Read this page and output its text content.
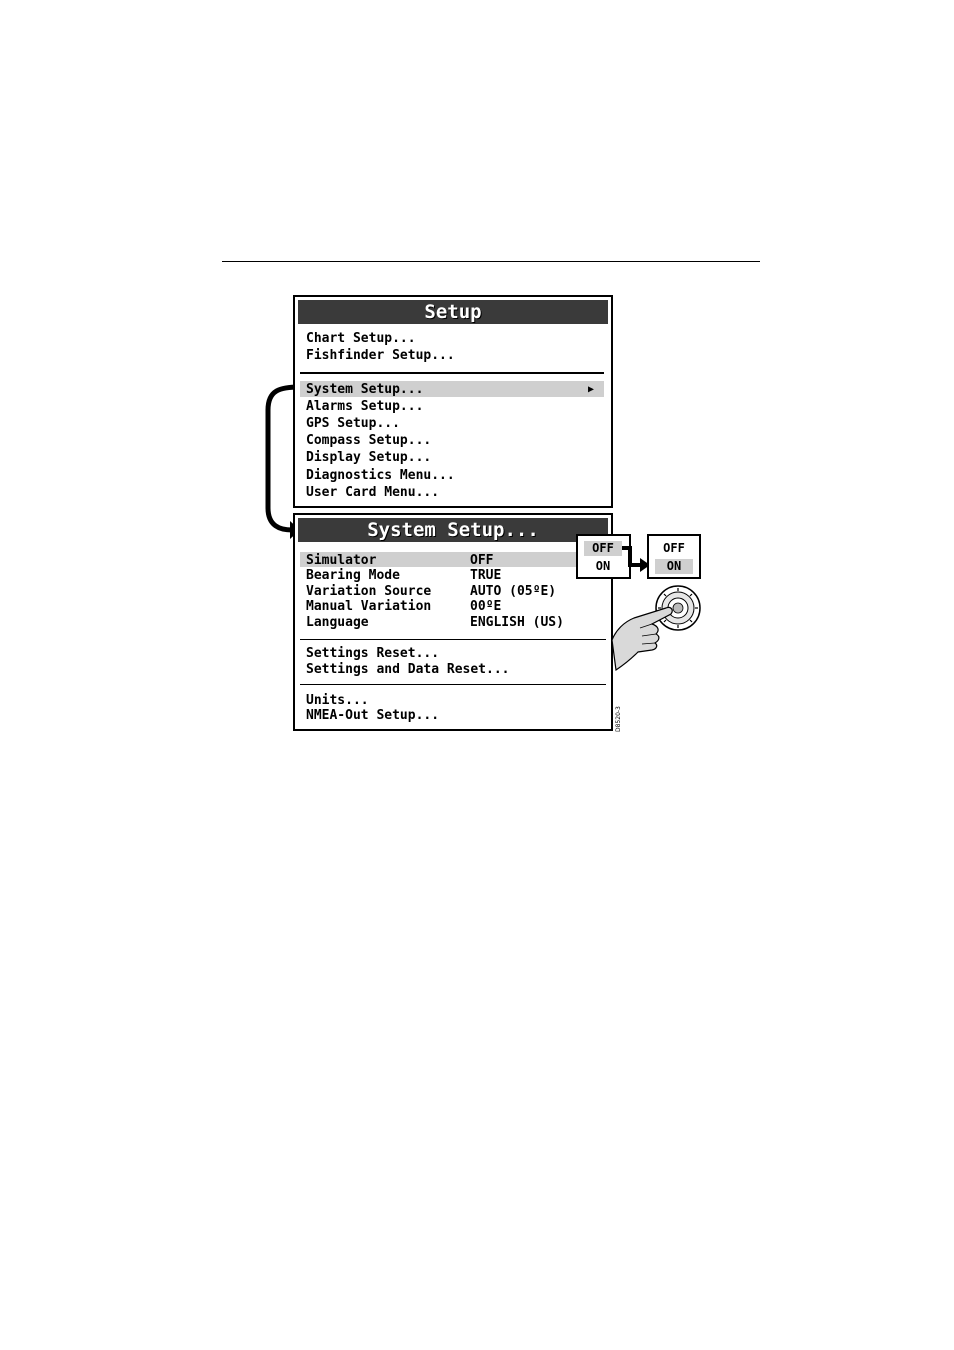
Setup
Chart Setup...
Fishfinder Setup...
System Setup...	▶
Alarms Setup...
GPS Setup...
Compass Setup...
Display Setup...
Diagnostics Menu...
User Card Menu...
System Setup...
Simulator	OFF
Bearing Mode	TRUE
Variation Source	AUTO (05ºE)
Manual Variation	00ºE
Language	ENGLISH (US)
Settings Reset...
Settings and Data Reset...
Units...
NMEA-Out Setup...
OFF
ON
OFF
ON
D8520-3
